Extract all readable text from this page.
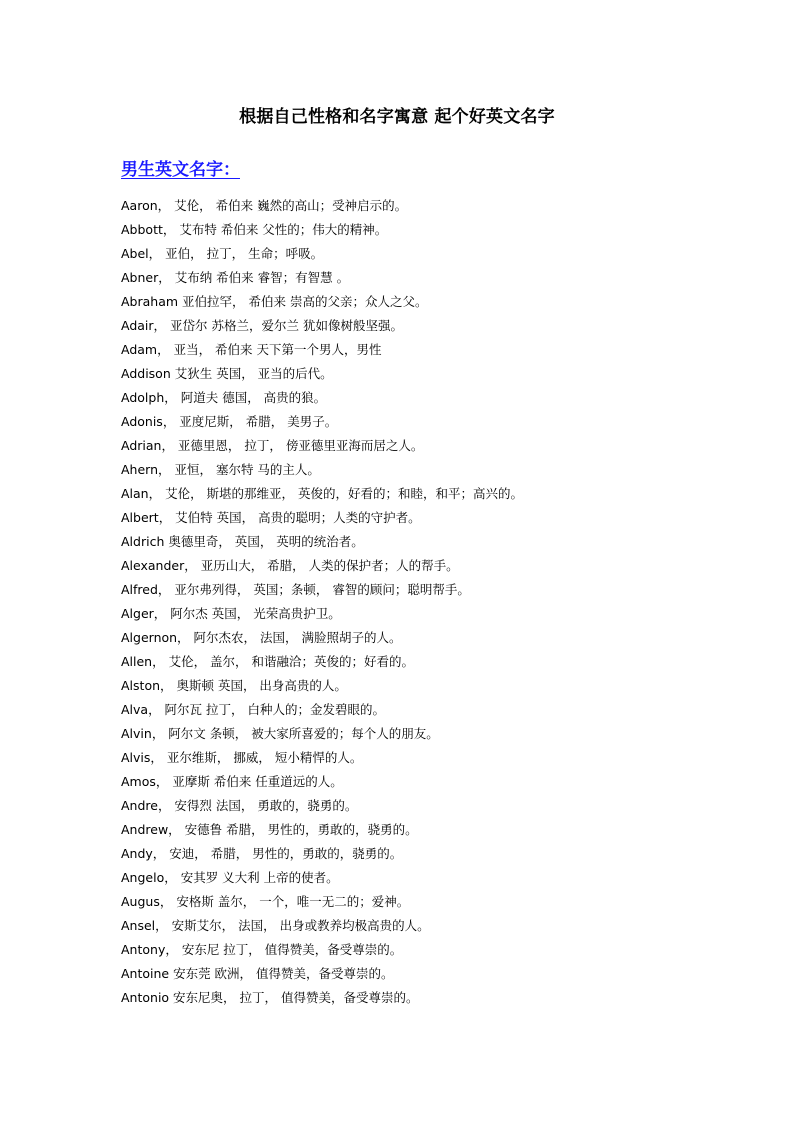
根据自己性格和名字寓意 起个好英文名字
男生英文名字：
Aaron， 艾伦， 希伯来 巍然的高山；受神启示的。
Abbott， 艾布特 希伯来 父性的；伟大的精神。
Abel， 亚伯， 拉丁， 生命；呼吸。
Abner， 艾布纳 希伯来 睿智；有智慧 。
Abraham 亚伯拉罕， 希伯来 崇高的父亲；众人之父。
Adair， 亚岱尔 苏格兰，爱尔兰 犹如像树般坚强。
Adam， 亚当， 希伯来 天下第一个男人，男性
Addison 艾狄生 英国， 亚当的后代。
Adolph， 阿道夫 德国， 高贵的狼。
Adonis， 亚度尼斯， 希腊， 美男子。
Adrian， 亚德里恩， 拉丁， 傍亚德里亚海而居之人。
Ahern， 亚恒， 塞尔特 马的主人。
Alan， 艾伦， 斯堪的那维亚， 英俊的，好看的；和睦，和平；高兴的。
Albert， 艾伯特 英国， 高贵的聪明；人类的守护者。
Aldrich 奥德里奇， 英国， 英明的统治者。
Alexander， 亚历山大， 希腊， 人类的保护者；人的帮手。
Alfred， 亚尔弗列得， 英国；条顿， 睿智的顾问；聪明帮手。
Alger， 阿尔杰 英国， 光荣高贵护卫。
Algernon， 阿尔杰农， 法国， 满脸照胡子的人。
Allen， 艾伦， 盖尔， 和谐融洽；英俊的；好看的。
Alston， 奥斯顿 英国， 出身高贵的人。
Alva， 阿尔瓦 拉丁， 白种人的；金发碧眼的。
Alvin， 阿尔文 条顿， 被大家所喜爱的；每个人的朋友。
Alvis， 亚尔维斯， 挪威， 短小精悍的人。
Amos， 亚摩斯 希伯来 任重道远的人。
Andre， 安得烈 法国， 勇敢的，骁勇的。
Andrew， 安德鲁 希腊， 男性的，勇敢的，骁勇的。
Andy， 安迪， 希腊， 男性的，勇敢的，骁勇的。
Angelo， 安其罗 义大利 上帝的使者。
Augus， 安格斯 盖尔， 一个，唯一无二的；爱神。
Ansel， 安斯艾尔， 法国， 出身或教养均极高贵的人。
Antony， 安东尼 拉丁， 值得赞美，备受尊崇的。
Antoine 安东莞 欧洲， 值得赞美，备受尊崇的。
Antonio 安东尼奥， 拉丁， 值得赞美，备受尊崇的。
